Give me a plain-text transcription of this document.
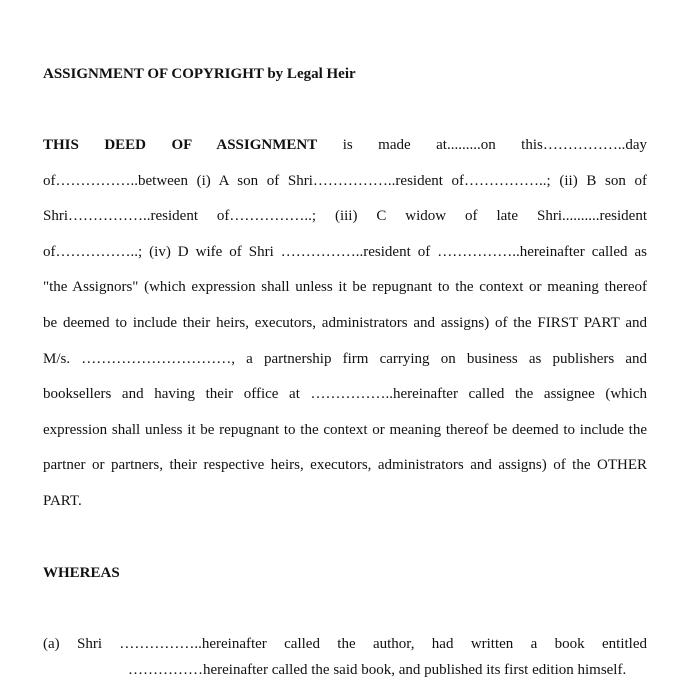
ASSIGNMENT OF COPYRIGHT by Legal Heir
THIS DEED OF ASSIGNMENT is made at.........on this……………..day
of……………..between (i) A son of Shri……………..resident of……………..; (ii) B son of
Shri……………..resident of……………..; (iii) C widow of late Shri..........resident
of……………..; (iv) D wife of Shri ……………..resident of ……………..hereinafter called as
"the Assignors" (which expression shall unless it be repugnant to the context or meaning thereof
be deemed to include their heirs, executors, administrators and assigns) of the FIRST PART and
M/s. …………………………, a partnership firm carrying on business as publishers and
booksellers and having their office at ……………..hereinafter called the assignee (which
expression shall unless it be repugnant to the context or meaning thereof be deemed to include the
partner or partners, their respective heirs, executors, administrators and assigns) of the OTHER
PART.
WHEREAS
(a) Shri ……………..hereinafter called the author, had written a book entitled
……………hereinafter called the said book, and published its first edition himself.
